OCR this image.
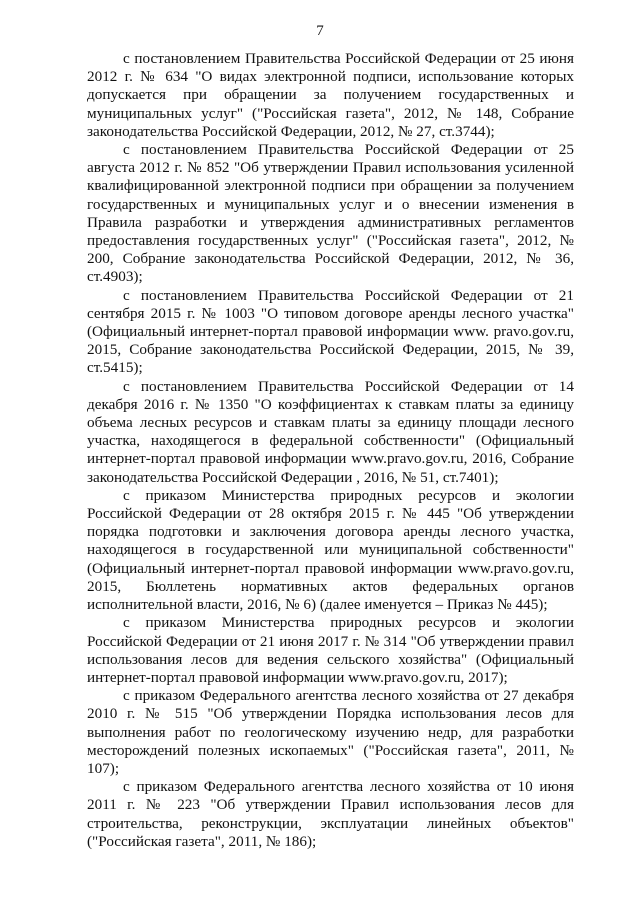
7

с постановлением Правительства Российской Федерации от 25 июня 2012 г. № 634 "О видах электронной подписи, использование которых допускается при обращении за получением государственных и муниципальных услуг" ("Российская газета", 2012, № 148, Собрание законодательства Российской Федерации, 2012, № 27, ст.3744);

с постановлением Правительства Российской Федерации от 25 августа 2012 г. № 852 "Об утверждении Правил использования усиленной квалифицированной электронной подписи при обращении за получением государственных и муниципальных услуг и о внесении изменения в Правила разработки и утверждения административных регламентов предоставления государственных услуг" ("Российская газета", 2012, № 200, Собрание законодательства Российской Федерации, 2012, № 36, ст.4903);

с постановлением Правительства Российской Федерации от 21 сентября 2015 г. № 1003 "О типовом договоре аренды лесного участка" (Официальный интернет-портал правовой информации www. pravo.gov.ru, 2015, Собрание законодательства Российской Федерации, 2015, № 39, ст.5415);

с постановлением Правительства Российской Федерации от 14 декабря 2016 г. № 1350 "О коэффициентах к ставкам платы за единицу объема лесных ресурсов и ставкам платы за единицу площади лесного участка, находящегося в федеральной собственности" (Официальный интернет-портал правовой информации www.pravo.gov.ru, 2016, Собрание законодательства Российской Федерации , 2016, № 51, ст.7401);

с приказом Министерства природных ресурсов и экологии Российской Федерации от 28 октября 2015 г. № 445 "Об утверждении порядка подготовки и заключения договора аренды лесного участка, находящегося в государственной или муниципальной собственности" (Официальный интернет-портал правовой информации www.pravo.gov.ru, 2015, Бюллетень нормативных актов федеральных органов исполнительной власти, 2016, № 6) (далее именуется – Приказ № 445);

с приказом Министерства природных ресурсов и экологии Российской Федерации от 21 июня 2017 г. № 314 "Об утверждении правил использования лесов для ведения сельского хозяйства" (Официальный интернет-портал правовой информации www.pravo.gov.ru, 2017);

с приказом Федерального агентства лесного хозяйства от 27 декабря 2010 г. № 515 "Об утверждении Порядка использования лесов для выполнения работ по геологическому изучению недр, для разработки месторождений полезных ископаемых" ("Российская газета", 2011, № 107);

с приказом Федерального агентства лесного хозяйства от 10 июня 2011 г. № 223 "Об утверждении Правил использования лесов для строительства, реконструкции, эксплуатации линейных объектов" ("Российская газета", 2011, № 186);
